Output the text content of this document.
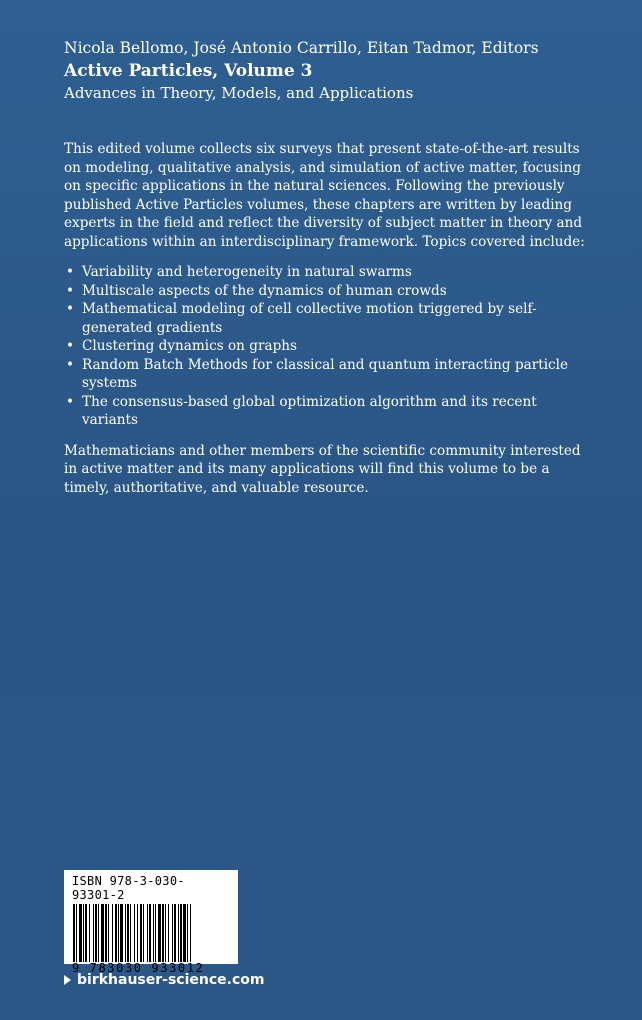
Nicola Bellomo, José Antonio Carrillo, Eitan Tadmor, Editors

Active Particles, Volume 3

Advances in Theory, Models, and Applications

This edited volume collects six surveys that present state-of-the-art results on modeling, qualitative analysis, and simulation of active matter, focusing on specific applications in the natural sciences. Following the previously published Active Particles volumes, these chapters are written by leading experts in the field and reflect the diversity of subject matter in theory and applications within an interdisciplinary framework. Topics covered include:

• Variability and heterogeneity in natural swarms
• Multiscale aspects of the dynamics of human crowds
• Mathematical modeling of cell collective motion triggered by self-generated gradients
• Clustering dynamics on graphs
• Random Batch Methods for classical and quantum interacting particle systems
• The consensus-based global optimization algorithm and its recent variants

Mathematicians and other members of the scientific community interested in active matter and its many applications will find this volume to be a timely, authoritative, and valuable resource.

ISBN 978-3-030-93301-2
9 783030 933012
birkhauser-science.com
